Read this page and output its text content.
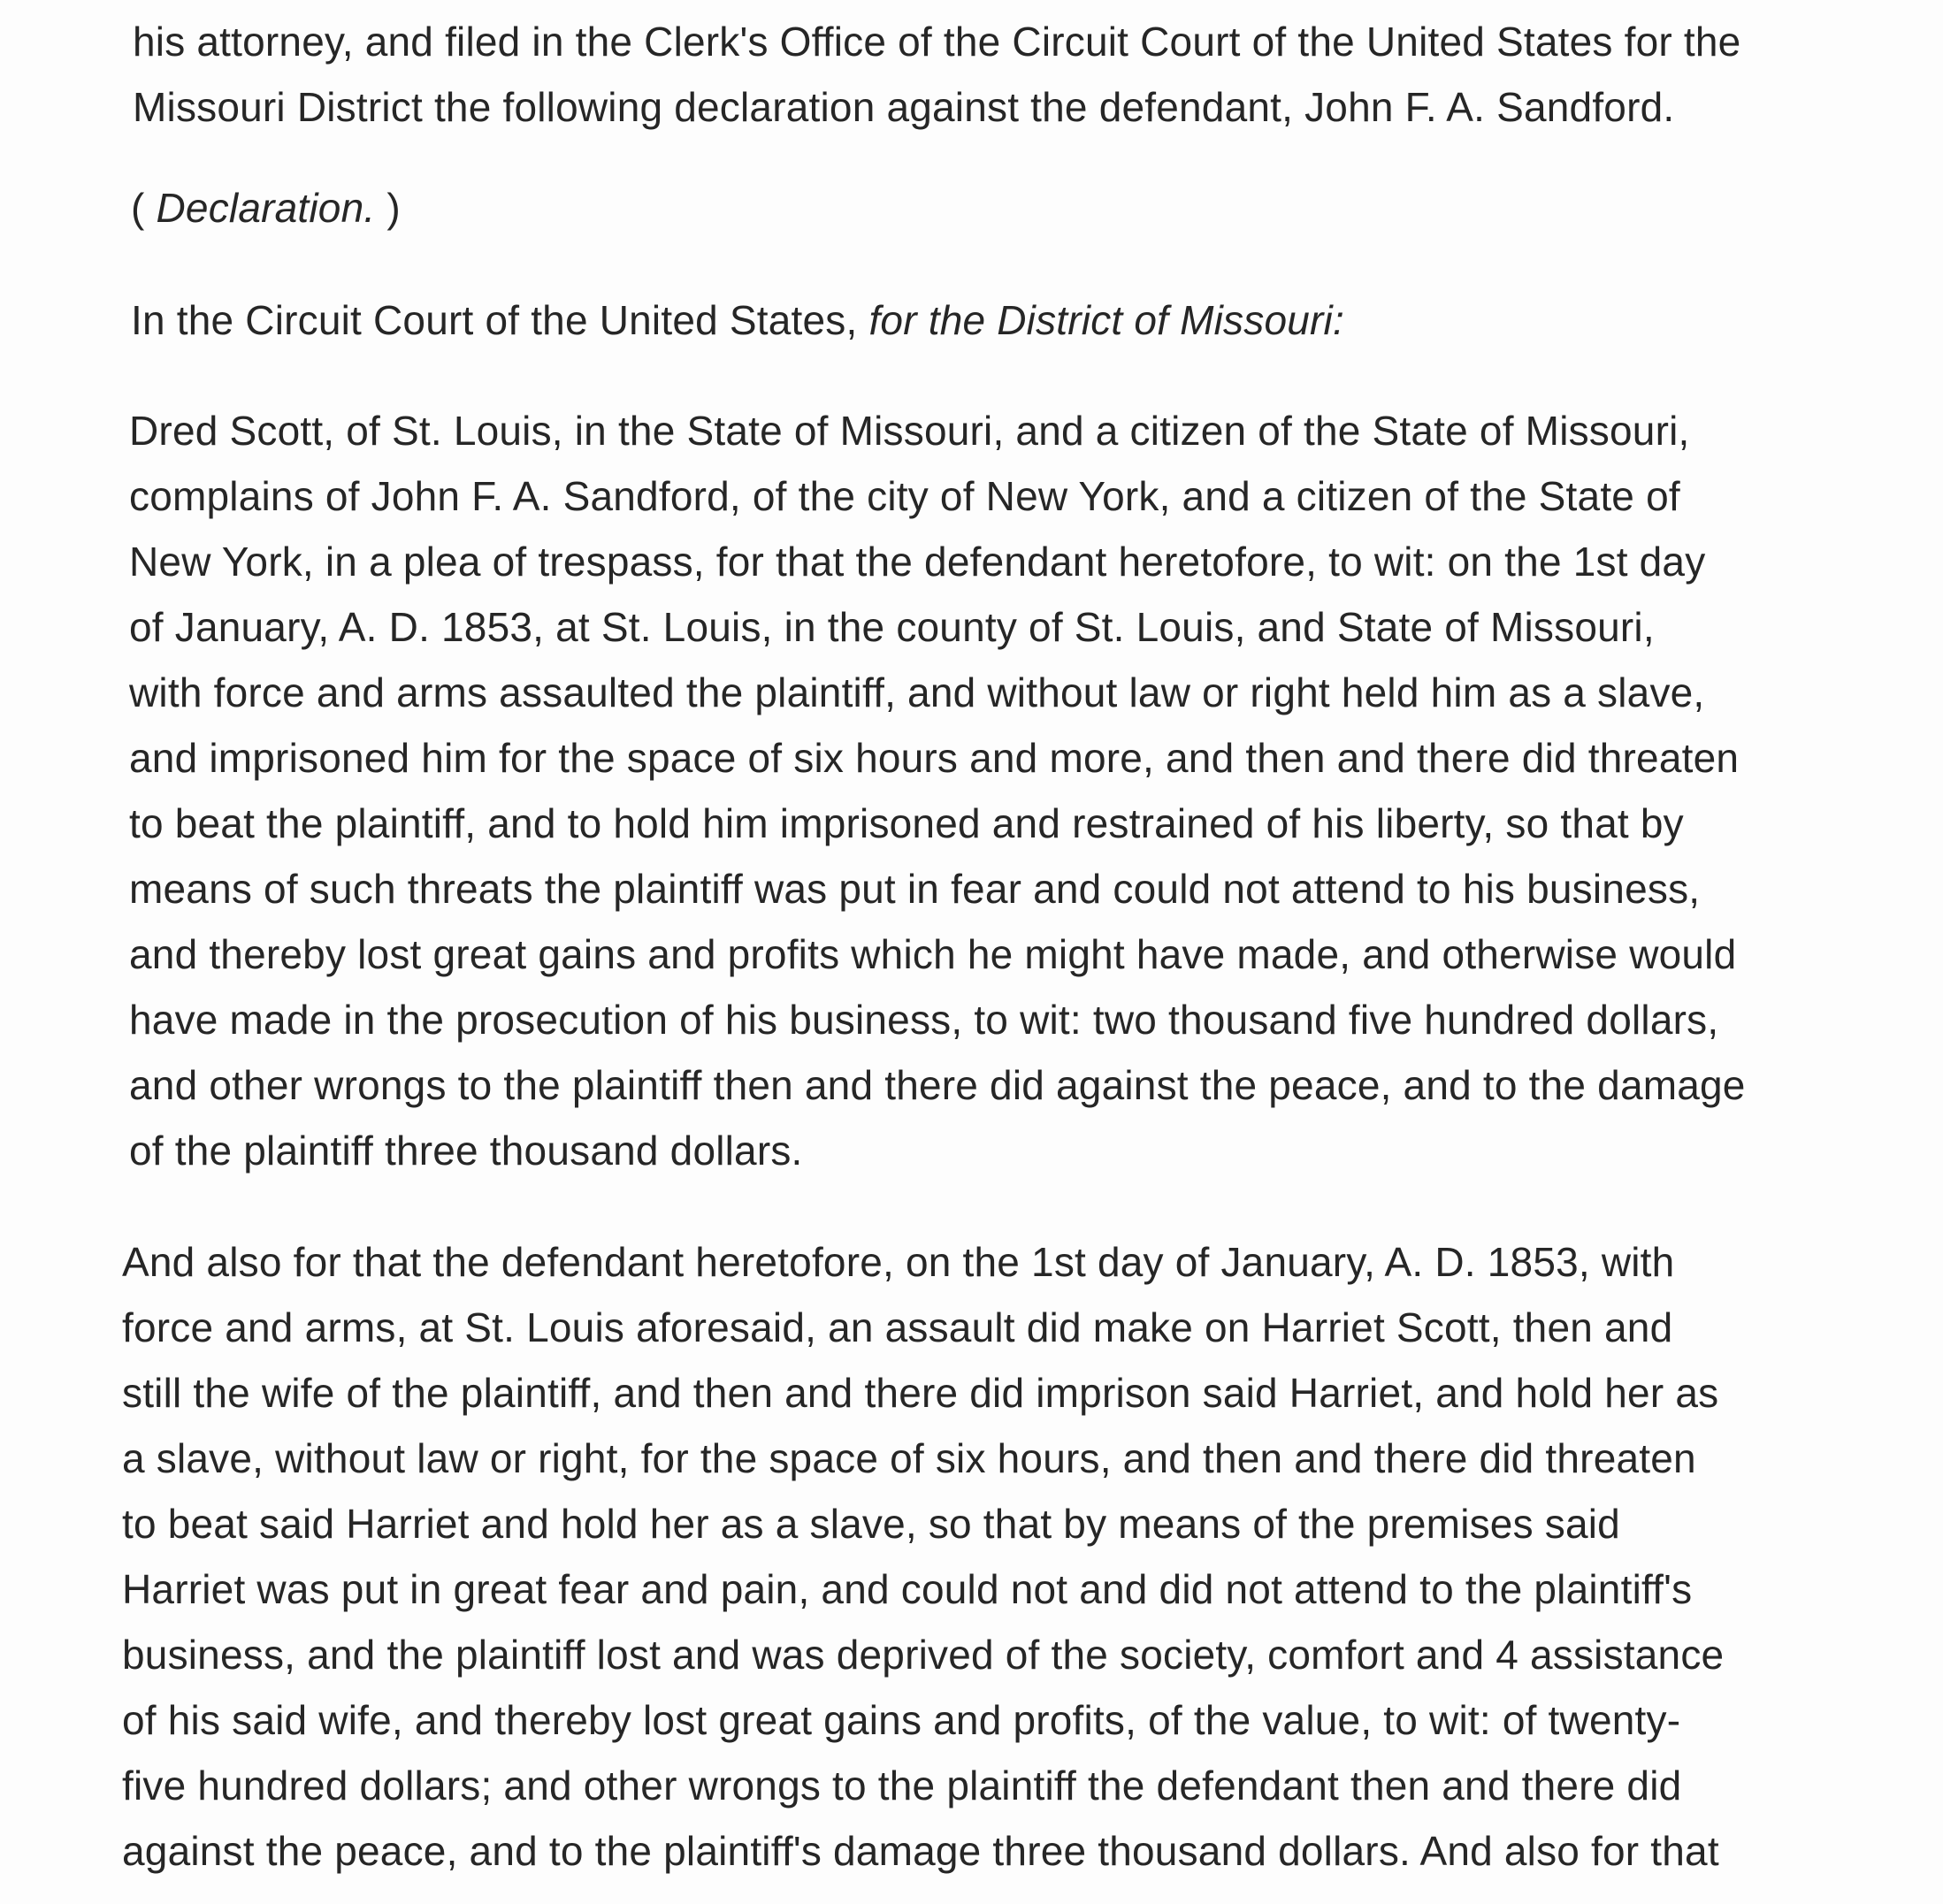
his attorney, and filed in the Clerk's Office of the Circuit Court of the United States for the
Missouri District the following declaration against the defendant, John F. A. Sandford.
( Declaration. )
In the Circuit Court of the United States, for the District of Missouri:
Dred Scott, of St. Louis, in the State of Missouri, and a citizen of the State of Missouri,
complains of John F. A. Sandford, of the city of New York, and a citizen of the State of
New York, in a plea of trespass, for that the defendant heretofore, to wit: on the 1st day
of January, A. D. 1853, at St. Louis, in the county of St. Louis, and State of Missouri,
with force and arms assaulted the plaintiff, and without law or right held him as a slave,
and imprisoned him for the space of six hours and more, and then and there did threaten
to beat the plaintiff, and to hold him imprisoned and restrained of his liberty, so that by
means of such threats the plaintiff was put in fear and could not attend to his business,
and thereby lost great gains and profits which he might have made, and otherwise would
have made in the prosecution of his business, to wit: two thousand five hundred dollars,
and other wrongs to the plaintiff then and there did against the peace, and to the damage
of the plaintiff three thousand dollars.
And also for that the defendant heretofore, on the 1st day of January, A. D. 1853, with
force and arms, at St. Louis aforesaid, an assault did make on Harriet Scott, then and
still the wife of the plaintiff, and then and there did imprison said Harriet, and hold her as
a slave, without law or right, for the space of six hours, and then and there did threaten
to beat said Harriet and hold her as a slave, so that by means of the premises said
Harriet was put in great fear and pain, and could not and did not attend to the plaintiff's
business, and the plaintiff lost and was deprived of the society, comfort and 4 assistance
of his said wife, and thereby lost great gains and profits, of the value, to wit: of twenty-
five hundred dollars; and other wrongs to the plaintiff the defendant then and there did
against the peace, and to the plaintiff's damage three thousand dollars. And also for that
